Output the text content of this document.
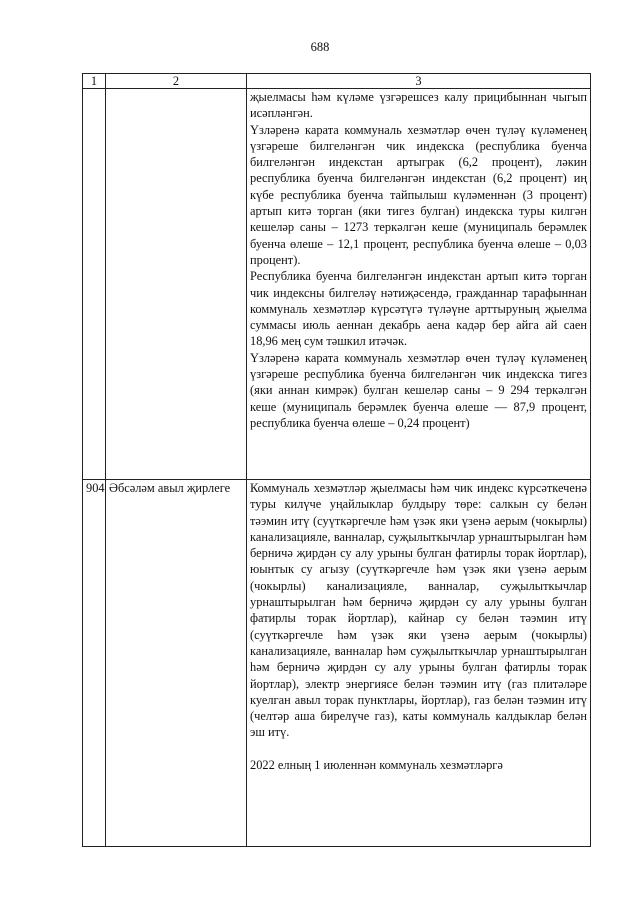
688
1	2	3

		җыелмасы һәм күләме үзгәрешсез калу прицибыннан чыгып исәпләнгән.

Үзләренә карата коммуналь хезмәтләр өчен түләү күләменең үзгәреше билгеләнгән чик индекска (республика буенча билгеләнгән индекстан артыграк (6,2 процент), ләкин республика буенча билгеләнгән индекстан (6,2 процент) иң күбе республика буенча тайпылыш күләменнән (3 процент) артып китә торган (яки тигез булган) индекска туры килгән кешеләр саны – 1273 теркәлгән кеше (муниципаль берәмлек буенча өлеше – 12,1 процент, республика буенча өлеше – 0,03 процент).

Республика буенча билгеләнгән индекстан артып китә торган чик индексны билгеләү нәтиҗәсендә, гражданнар тарафыннан коммуналь хезмәтләр күрсәтүгә түләүне арттыруның җыелма суммасы июль аеннан декабрь аена кадәр бер айга ай саен 18,96 мең сум тәшкил итәчәк.

Үзләренә карата коммуналь хезмәтләр өчен түләү күләменең үзгәреше республика буенча билгеләнгән чик индекска тигез (яки аннан кимрәк) булган кешеләр саны – 9 294 теркәлгән кеше (муниципаль берәмлек буенча өлеше — 87,9 процент, республика буенча өлеше – 0,24 процент)

904	Әбсәләм авыл җирлеге	Коммуналь хезмәтләр җыелмасы һәм чик индекс күрсәткеченә туры килүче уңайлыклар булдыру төре: салкын су белән тәэмин итү (суүткәргечле һәм үзәк яки үзенә аерым (чокырлы) канализацияле, ванналар, суҗылыткычлар урнаштырылган һәм берничә җирдән су алу урыны булган фатирлы торак йортлар), юынтык су агызу (суүткәргечле һәм үзәк яки үзенә аерым (чокырлы) канализацияле, ванналар, суҗылыткычлар урнаштырылган һәм берничә җирдән су алу урыны булган фатирлы торак йортлар), кайнар су белән тәэмин итү (суүткәргечле һәм үзәк яки үзенә аерым (чокырлы) канализацияле, ванналар һәм суҗылыткычлар урнаштырылган һәм берничә җирдән су алу урыны булган фатирлы торак йортлар), электр энергиясе белән тәэмин итү (газ плитәләре куелган авыл торак пунктлары, йортлар), газ белән тәэмин итү (челтәр аша бирелүче газ), каты коммуналь калдыклар белән эш итү.

2022 елның 1 июленнән коммуналь хезмәтләргә
